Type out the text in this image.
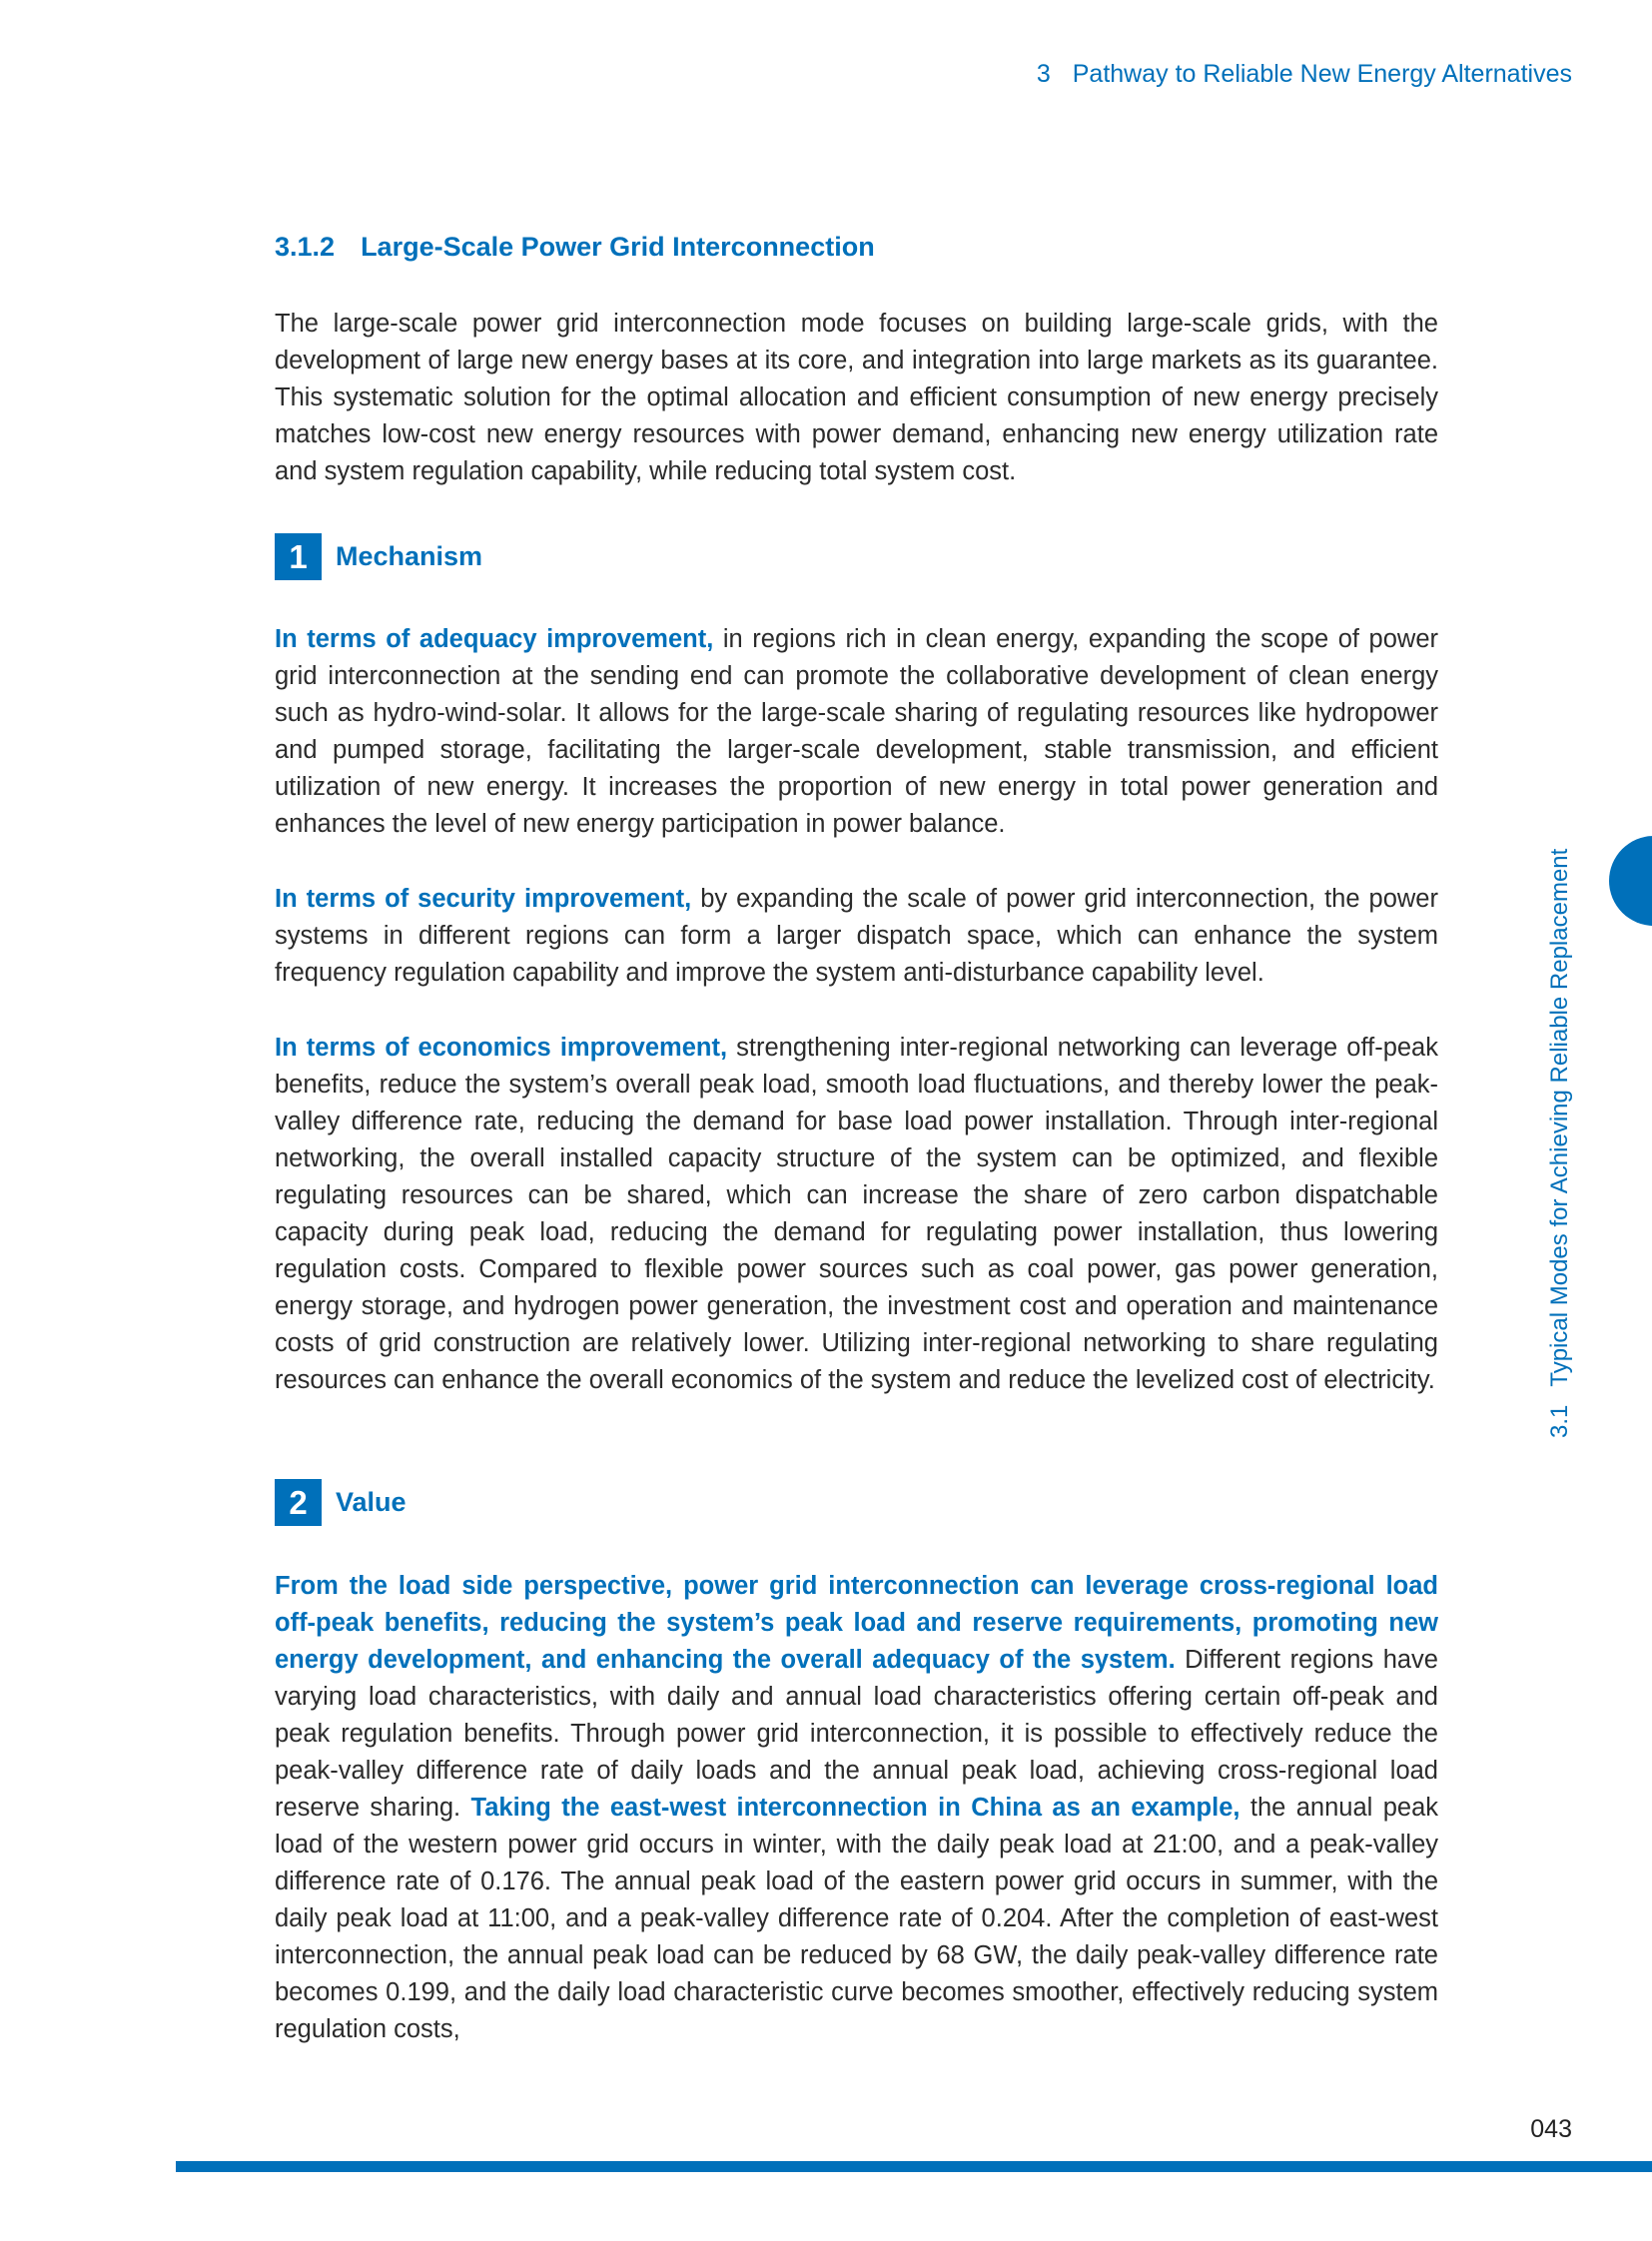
3 Pathway to Reliable New Energy Alternatives
3.1.2 Large-Scale Power Grid Interconnection
The large-scale power grid interconnection mode focuses on building large-scale grids, with the development of large new energy bases at its core, and integration into large markets as its guarantee. This systematic solution for the optimal allocation and efficient consumption of new energy precisely matches low-cost new energy resources with power demand, enhancing new energy utilization rate and system regulation capability, while reducing total system cost.
1	Mechanism
In terms of adequacy improvement, in regions rich in clean energy, expanding the scope of power grid interconnection at the sending end can promote the collaborative development of clean energy such as hydro-wind-solar. It allows for the large-scale sharing of regulating resources like hydropower and pumped storage, facilitating the larger-scale development, stable transmission, and efficient utilization of new energy. It increases the proportion of new energy in total power generation and enhances the level of new energy participation in power balance.
In terms of security improvement, by expanding the scale of power grid interconnection, the power systems in different regions can form a larger dispatch space, which can enhance the system frequency regulation capability and improve the system anti-disturbance capability level.
In terms of economics improvement, strengthening inter-regional networking can leverage off-peak benefits, reduce the system’s overall peak load, smooth load fluctuations, and thereby lower the peak-valley difference rate, reducing the demand for base load power installation. Through inter-regional networking, the overall installed capacity structure of the system can be optimized, and flexible regulating resources can be shared, which can increase the share of zero carbon dispatchable capacity during peak load, reducing the demand for regulating power installation, thus lowering regulation costs. Compared to flexible power sources such as coal power, gas power generation, energy storage, and hydrogen power generation, the investment cost and operation and maintenance costs of grid construction are relatively lower. Utilizing inter-regional networking to share regulating resources can enhance the overall economics of the system and reduce the levelized cost of electricity.
2	Value
From the load side perspective, power grid interconnection can leverage cross-regional load off-peak benefits, reducing the system’s peak load and reserve requirements, promoting new energy development, and enhancing the overall adequacy of the system. Different regions have varying load characteristics, with daily and annual load characteristics offering certain off-peak and peak regulation benefits. Through power grid interconnection, it is possible to effectively reduce the peak-valley difference rate of daily loads and the annual peak load, achieving cross-regional load reserve sharing. Taking the east-west interconnection in China as an example, the annual peak load of the western power grid occurs in winter, with the daily peak load at 21:00, and a peak-valley difference rate of 0.176. The annual peak load of the eastern power grid occurs in summer, with the daily peak load at 11:00, and a peak-valley difference rate of 0.204. After the completion of east-west interconnection, the annual peak load can be reduced by 68 GW, the daily peak-valley difference rate becomes 0.199, and the daily load characteristic curve becomes smoother, effectively reducing system regulation costs,
3.1Typical Modes for Achieving Reliable Replacement
043
